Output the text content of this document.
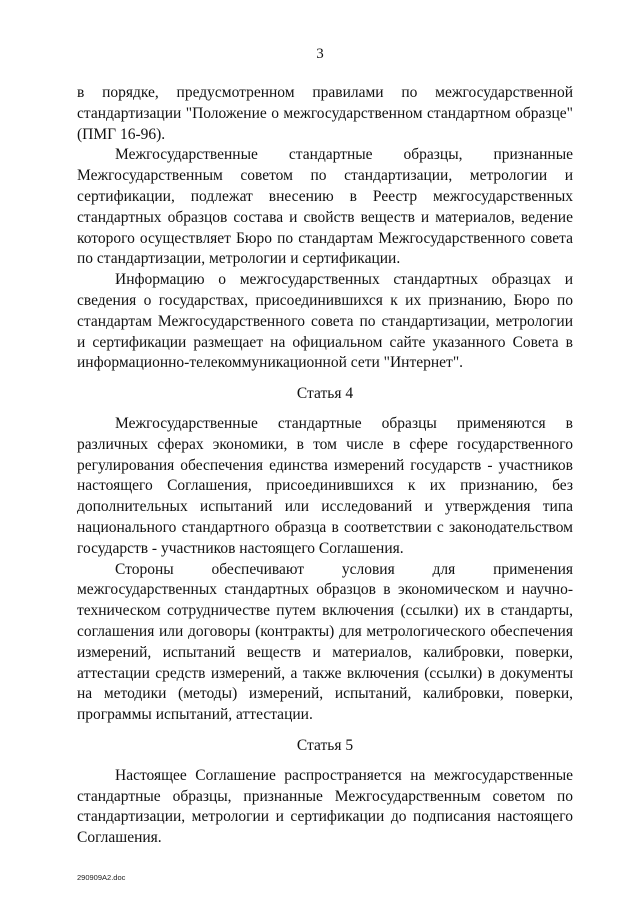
3

в порядке, предусмотренном правилами по межгосударственной стандартизации "Положение о межгосударственном стандартном образце" (ПМГ 16-96).

Межгосударственные стандартные образцы, признанные Межгосударственным советом по стандартизации, метрологии и сертификации, подлежат внесению в Реестр межгосударственных стандартных образцов состава и свойств веществ и материалов, ведение которого осуществляет Бюро по стандартам Межгосударственного совета по стандартизации, метрологии и сертификации.

Информацию о межгосударственных стандартных образцах и сведения о государствах, присоединившихся к их признанию, Бюро по стандартам Межгосударственного совета по стандартизации, метрологии и сертификации размещает на официальном сайте указанного Совета в информационно-телекоммуникационной сети "Интернет".

Статья 4

Межгосударственные стандартные образцы применяются в различных сферах экономики, в том числе в сфере государственного регулирования обеспечения единства измерений государств - участников настоящего Соглашения, присоединившихся к их признанию, без дополнительных испытаний или исследований и утверждения типа национального стандартного образца в соответствии с законодательством государств - участников настоящего Соглашения.

Стороны обеспечивают условия для применения межгосударственных стандартных образцов в экономическом и научно-техническом сотрудничестве путем включения (ссылки) их в стандарты, соглашения или договоры (контракты) для метрологического обеспечения измерений, испытаний веществ и материалов, калибровки, поверки, аттестации средств измерений, а также включения (ссылки) в документы на методики (методы) измерений, испытаний, калибровки, поверки, программы испытаний, аттестации.

Статья 5

Настоящее Соглашение распространяется на межгосударственные стандартные образцы, признанные Межгосударственным советом по стандартизации, метрологии и сертификации до подписания настоящего Соглашения.

290909A2.doc
